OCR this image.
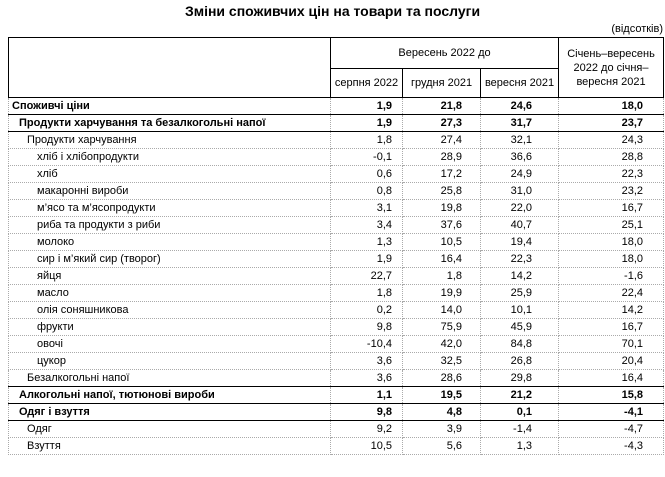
Зміни споживчих цін на товари та послуги
(відсотків)
	Вересень 2022 до			Січень–вересень 2022 до січня–вересня 2021
	серпня 2022	грудня 2021	вересня 2021	
Споживчі ціни	1,9	21,8	24,6	18,0
Продукти харчування та безалкогольні напої	1,9	27,3	31,7	23,7
Продукти харчування	1,8	27,4	32,1	24,3
хліб і хлібопродукти	-0,1	28,9	36,6	28,8
хліб	0,6	17,2	24,9	22,3
макаронні вироби	0,8	25,8	31,0	23,2
м’ясо та м’ясопродукти	3,1	19,8	22,0	16,7
риба та продукти з риби	3,4	37,6	40,7	25,1
молоко	1,3	10,5	19,4	18,0
сир і м’який сир (творог)	1,9	16,4	22,3	18,0
яйця	22,7	1,8	14,2	-1,6
масло	1,8	19,9	25,9	22,4
олія соняшникова	0,2	14,0	10,1	14,2
фрукти	9,8	75,9	45,9	16,7
овочі	-10,4	42,0	84,8	70,1
цукор	3,6	32,5	26,8	20,4
Безалкогольні напої	3,6	28,6	29,8	16,4
Алкогольні напої, тютюнові вироби	1,1	19,5	21,2	15,8
Одяг і взуття	9,8	4,8	0,1	-4,1
Одяг	9,2	3,9	-1,4	-4,7
Взуття	10,5	5,6	1,3	-4,3
